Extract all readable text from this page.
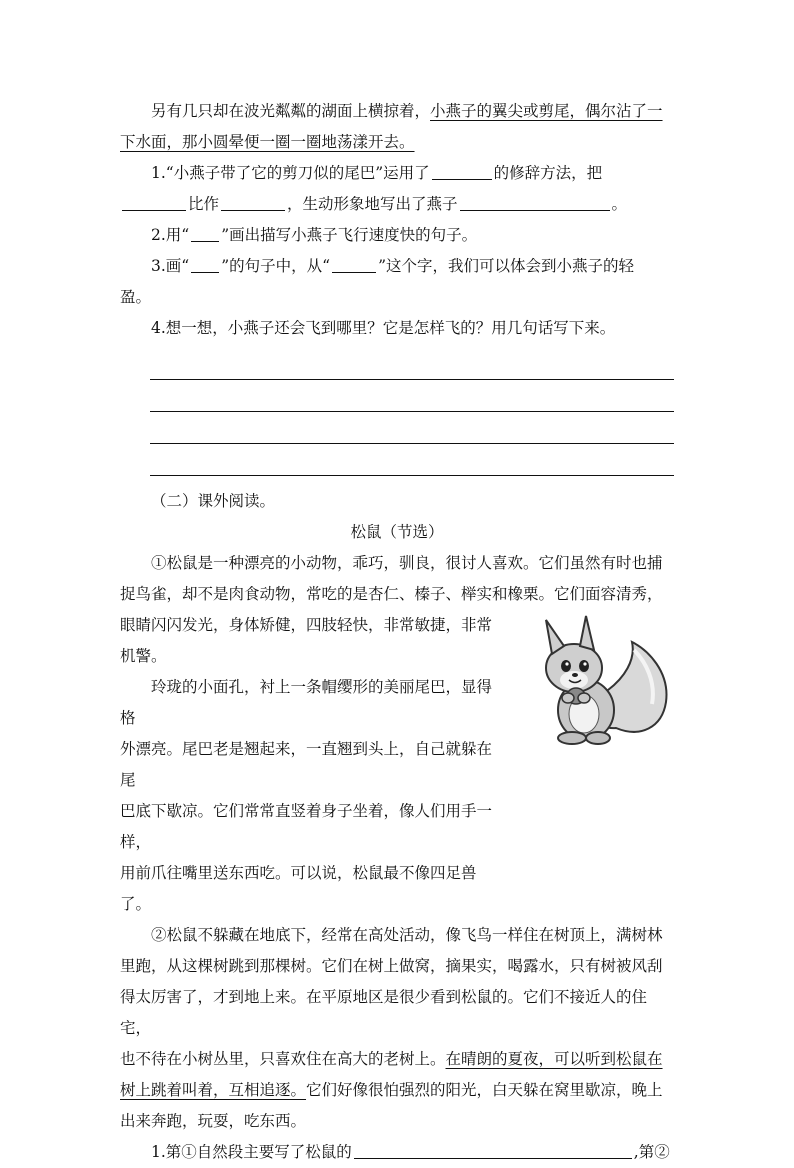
另有几只却在波光粼粼的湖面上横掠着，小燕子的翼尖或剪尾，偶尔沾了一

下水面，那小圆晕便一圈一圈地荡漾开去。

1.“小燕子带了它的剪刀似的尾巴”运用了	的修辞方法，把

比作	，生动形象地写出了燕子	。

2.用“ ”画出描写小燕子飞行速度快的句子。

3.画“ ”的句子中，从“	”这个字，我们可以体会到小燕子的轻

盈。

4.想一想，小燕子还会飞到哪里？它是怎样飞的？用几句话写下来。

（二）课外阅读。

松鼠（节选）

①松鼠是一种漂亮的小动物，乖巧，驯良，很讨人喜欢。它们虽然有时也捕

捉鸟雀，却不是肉食动物，常吃的是杏仁、榛子、榉实和橡栗。它们面容清秀，

眼睛闪闪发光，身体矫健，四肢轻快，非常敏捷，非常

机警。

玲珑的小面孔，衬上一条帽缨形的美丽尾巴，显得格

外漂亮。尾巴老是翘起来，一直翘到头上，自己就躲在尾

巴底下歇凉。它们常常直竖着身子坐着，像人们用手一样，

用前爪往嘴里送东西吃。可以说，松鼠最不像四足兽了。

②松鼠不躲藏在地底下，经常在高处活动，像飞鸟一样住在树顶上，满树林

里跑，从这棵树跳到那棵树。它们在树上做窝，摘果实，喝露水，只有树被风刮

得太厉害了，才到地上来。在平原地区是很少看到松鼠的。它们不接近人的住宅，

也不待在小树丛里，只喜欢住在高大的老树上。在晴朗的夏夜，可以听到松鼠在

树上跳着叫着，互相追逐。它们好像很怕强烈的阳光，白天躲在窝里歇凉，晚上

出来奔跑，玩耍，吃东西。

1.第①自然段主要写了松鼠的	,第②
